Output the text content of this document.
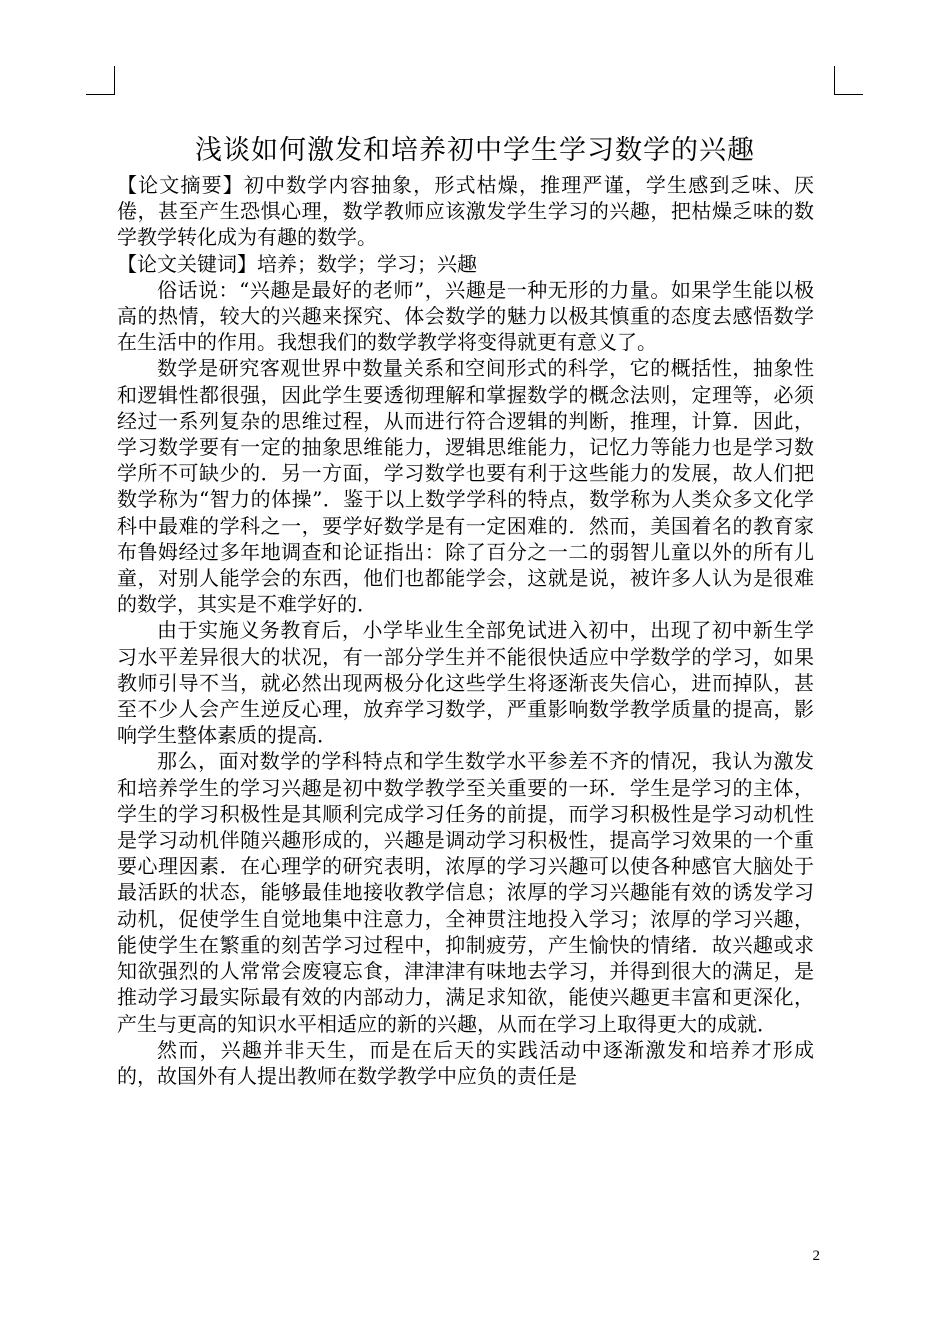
浅谈如何激发和培养初中学生学习数学的兴趣

【论文摘要】初中数学内容抽象，形式枯燥，推理严谨，学生感到乏味、厌倦，甚至产生恐惧心理，数学教师应该激发学生学习的兴趣，把枯燥乏味的数学教学转化成为有趣的数学。

【论文关键词】培养；数学；学习；兴趣

俗话说：“兴趣是最好的老师”，兴趣是一种无形的力量。如果学生能以极高的热情，较大的兴趣来探究、体会数学的魅力以极其慎重的态度去感悟数学在生活中的作用。我想我们的数学教学将变得就更有意义了。

数学是研究客观世界中数量关系和空间形式的科学，它的概括性，抽象性和逻辑性都很强，因此学生要透彻理解和掌握数学的概念法则，定理等，必须经过一系列复杂的思维过程，从而进行符合逻辑的判断，推理，计算．因此，学习数学要有一定的抽象思维能力，逻辑思维能力，记忆力等能力也是学习数学所不可缺少的．另一方面，学习数学也要有利于这些能力的发展，故人们把数学称为“智力的体操”．鉴于以上数学学科的特点，数学称为人类众多文化学科中最难的学科之一，要学好数学是有一定困难的．然而，美国着名的教育家布鲁姆经过多年地调查和论证指出：除了百分之一二的弱智儿童以外的所有儿童，对别人能学会的东西，他们也都能学会，这就是说，被许多人认为是很难的数学，其实是不难学好的．

由于实施义务教育后，小学毕业生全部免试进入初中，出现了初中新生学习水平差异很大的状况，有一部分学生并不能很快适应中学数学的学习，如果教师引导不当，就必然出现两极分化这些学生将逐渐丧失信心，进而掉队，甚至不少人会产生逆反心理，放弃学习数学，严重影响数学教学质量的提高，影响学生整体素质的提高．

那么，面对数学的学科特点和学生数学水平参差不齐的情况，我认为激发和培养学生的学习兴趣是初中数学教学至关重要的一环．学生是学习的主体，学生的学习积极性是其顺利完成学习任务的前提，而学习积极性是学习动机性是学习动机伴随兴趣形成的，兴趣是调动学习积极性，提高学习效果的一个重要心理因素．在心理学的研究表明，浓厚的学习兴趣可以使各种感官大脑处于最活跃的状态，能够最佳地接收教学信息；浓厚的学习兴趣能有效的诱发学习动机，促使学生自觉地集中注意力，全神贯注地投入学习；浓厚的学习兴趣，能使学生在繁重的刻苦学习过程中，抑制疲劳，产生愉快的情绪．故兴趣或求知欲强烈的人常常会废寝忘食，津津津有味地去学习，并得到很大的满足，是推动学习最实际最有效的内部动力，满足求知欲，能使兴趣更丰富和更深化，产生与更高的知识水平相适应的新的兴趣，从而在学习上取得更大的成就．

然而，兴趣并非天生，而是在后天的实践活动中逐渐激发和培养才形成的，故国外有人提出教师在数学教学中应负的责任是

2
